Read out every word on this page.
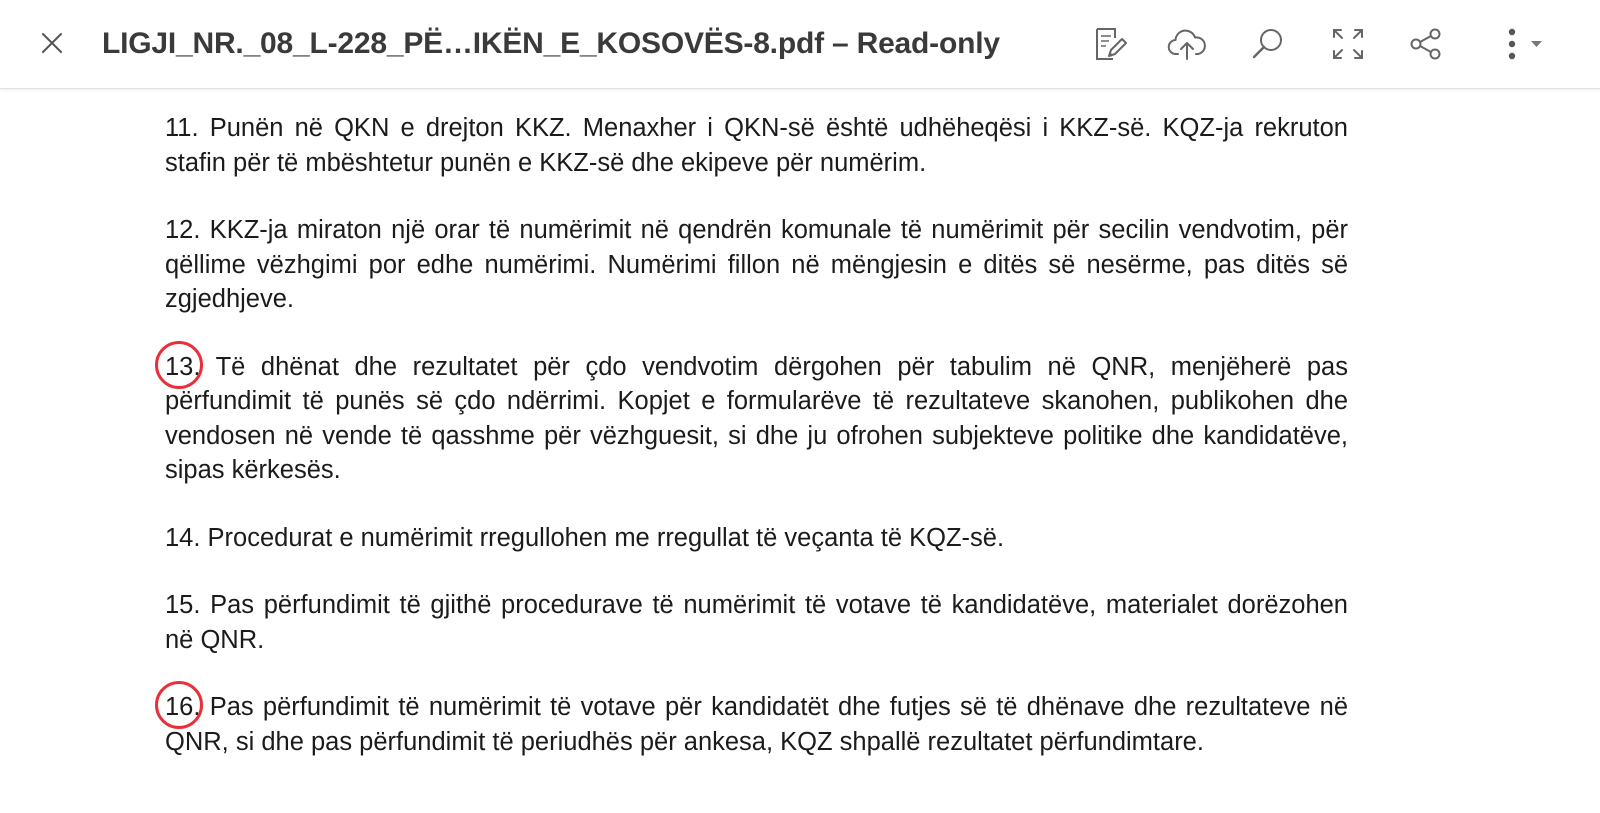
LIGJI_NR._08_L-228_PË…IKËN_E_KOSOVËS-8.pdf – Read-only

11. Punën në QKN e drejton KKZ. Menaxher i QKN-së është udhëheqësi i KKZ-së. KQZ-ja rekruton stafin për të mbështetur punën e KKZ-së dhe ekipeve për numërim.

12. KKZ-ja miraton një orar të numërimit në qendrën komunale të numërimit për secilin vendvotim, për qëllime vëzhgimi por edhe numërimi. Numërimi fillon në mëngjesin e ditës së nesërme, pas ditës së zgjedhjeve.

13.
Të dhënat dhe rezultatet për çdo vendvotim dërgohen për tabulim në QNR, menjëherë pas përfundimit të punës së çdo ndërrimi. Kopjet e formularëve të rezultateve skanohen, publikohen dhe vendosen në vende të qasshme për vëzhguesit, si dhe ju ofrohen subjekteve politike dhe kandidatëve, sipas kërkesës.

14. Procedurat e numërimit rregullohen me rregullat të veçanta të KQZ-së.

15. Pas përfundimit të gjithë procedurave të numërimit të votave të kandidatëve, materialet dorëzohen në QNR.

16.
Pas përfundimit të numërimit të votave për kandidatët dhe futjes së të dhënave dhe rezultateve në QNR, si dhe pas përfundimit të periudhës për ankesa, KQZ shpallë rezultatet përfundimtare.
